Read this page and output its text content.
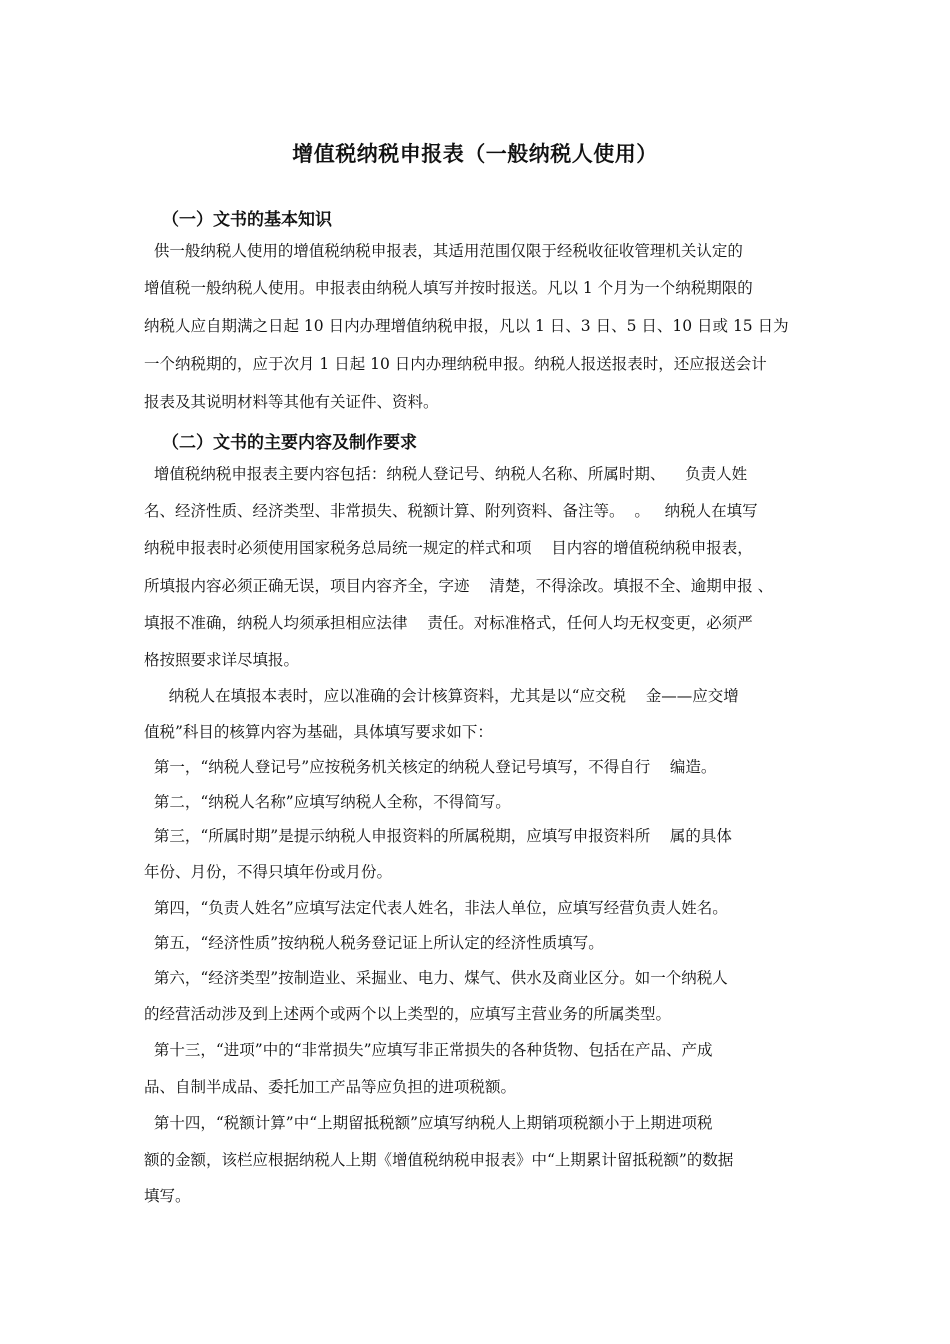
增值税纳税申报表（一般纳税人使用）
（一）文书的基本知识
供一般纳税人使用的增值税纳税申报表，其适用范围仅限于经税收征收管理机关认定的
增值税一般纳税人使用。申报表由纳税人填写并按时报送。凡以 1 个月为一个纳税期限的
纳税人应自期满之日起 10 日内办理增值纳税申报，凡以 1 日、3 日、5 日、10 日或 15 日为
一个纳税期的，应于次月 1 日起 10 日内办理纳税申报。纳税人报送报表时，还应报送会计
报表及其说明材料等其他有关证件、资料。
（二）文书的主要内容及制作要求
增值税纳税申报表主要内容包括：纳税人登记号、纳税人名称、所属时期、    负责人姓
名、经济性质、经济类型、非常损失、税额计算、附列资料、备注等。  。   纳税人在填写
纳税申报表时必须使用国家税务总局统一规定的样式和项    目内容的增值税纳税申报表，
所填报内容必须正确无误，项目内容齐全，字迹    清楚，不得涂改。填报不全、逾期申报 、
填报不准确，纳税人均须承担相应法律    责任。对标准格式，任何人均无权变更，必须严
格按照要求详尽填报。
纳税人在填报本表时，应以准确的会计核算资料，尤其是以“应交税    金——应交增
值税”科目的核算内容为基础，具体填写要求如下：
第一，“纳税人登记号”应按税务机关核定的纳税人登记号填写，不得自行    编造。
第二，“纳税人名称”应填写纳税人全称，不得简写。
第三，“所属时期”是提示纳税人申报资料的所属税期，应填写申报资料所    属的具体
年份、月份，不得只填年份或月份。
第四，“负责人姓名”应填写法定代表人姓名，非法人单位，应填写经营负责人姓名。
第五，“经济性质”按纳税人税务登记证上所认定的经济性质填写。
第六，“经济类型”按制造业、采掘业、电力、煤气、供水及商业区分。如一个纳税人
的经营活动涉及到上述两个或两个以上类型的，应填写主营业务的所属类型。
第十三，“进项”中的“非常损失”应填写非正常损失的各种货物、包括在产品、产成
品、自制半成品、委托加工产品等应负担的进项税额。
第十四，“税额计算”中“上期留抵税额”应填写纳税人上期销项税额小于上期进项税
额的金额，该栏应根据纳税人上期《增值税纳税申报表》中“上期累计留抵税额”的数据
填写。
